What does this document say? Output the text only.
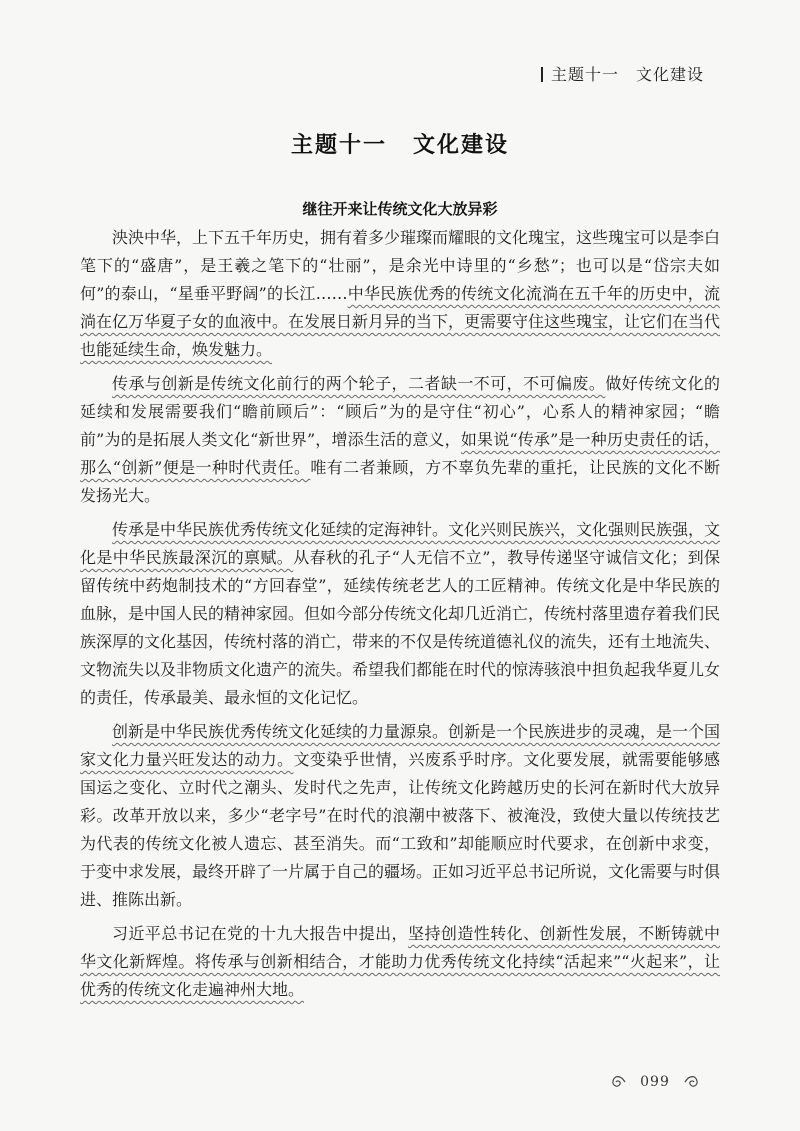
主题十一　文化建设
主题十一 文化建设
继往开来让传统文化大放异彩

泱泱中华，上下五千年历史，拥有着多少璀璨而耀眼的文化瑰宝，这些瑰宝可以是李白笔下的“盛唐”，是王羲之笔下的“壮丽”，是余光中诗里的“乡愁”；也可以是“岱宗夫如何”的泰山，“星垂平野阔”的长江……中华民族优秀的传统文化流淌在五千年的历史中，流淌在亿万华夏子女的血液中。在发展日新月异的当下，更需要守住这些瑰宝，让它们在当代也能延续生命，焕发魅力。

传承与创新是传统文化前行的两个轮子，二者缺一不可，不可偏废。做好传统文化的延续和发展需要我们“瞻前顾后”：“顾后”为的是守住“初心”，心系人的精神家园；“瞻前”为的是拓展人类文化“新世界”，增添生活的意义，如果说“传承”是一种历史责任的话，那么“创新”便是一种时代责任。唯有二者兼顾，方不辜负先辈的重托，让民族的文化不断发扬光大。

传承是中华民族优秀传统文化延续的定海神针。文化兴则民族兴，文化强则民族强，文化是中华民族最深沉的禀赋。从春秋的孔子“人无信不立”，教导传递坚守诚信文化；到保留传统中药炮制技术的“方回春堂”，延续传统老艺人的工匠精神。传统文化是中华民族的血脉，是中国人民的精神家园。但如今部分传统文化却几近消亡，传统村落里遗存着我们民族深厚的文化基因，传统村落的消亡，带来的不仅是传统道德礼仪的流失，还有土地流失、文物流失以及非物质文化遗产的流失。希望我们都能在时代的惊涛骇浪中担负起我华夏儿女的责任，传承最美、最永恒的文化记忆。

创新是中华民族优秀传统文化延续的力量源泉。创新是一个民族进步的灵魂，是一个国家文化力量兴旺发达的动力。文变染乎世情，兴废系乎时序。文化要发展，就需要能够感国运之变化、立时代之潮头、发时代之先声，让传统文化跨越历史的长河在新时代大放异彩。改革开放以来，多少“老字号”在时代的浪潮中被落下、被淹没，致使大量以传统技艺为代表的传统文化被人遗忘、甚至消失。而“工致和”却能顺应时代要求，在创新中求变，于变中求发展，最终开辟了一片属于自己的疆场。正如习近平总书记所说，文化需要与时俱进、推陈出新。

习近平总书记在党的十九大报告中提出，坚持创造性转化、创新性发展，不断铸就中华文化新辉煌。将传承与创新相结合，才能助力优秀传统文化持续“活起来”“火起来”，让优秀的传统文化走遍神州大地。

099
